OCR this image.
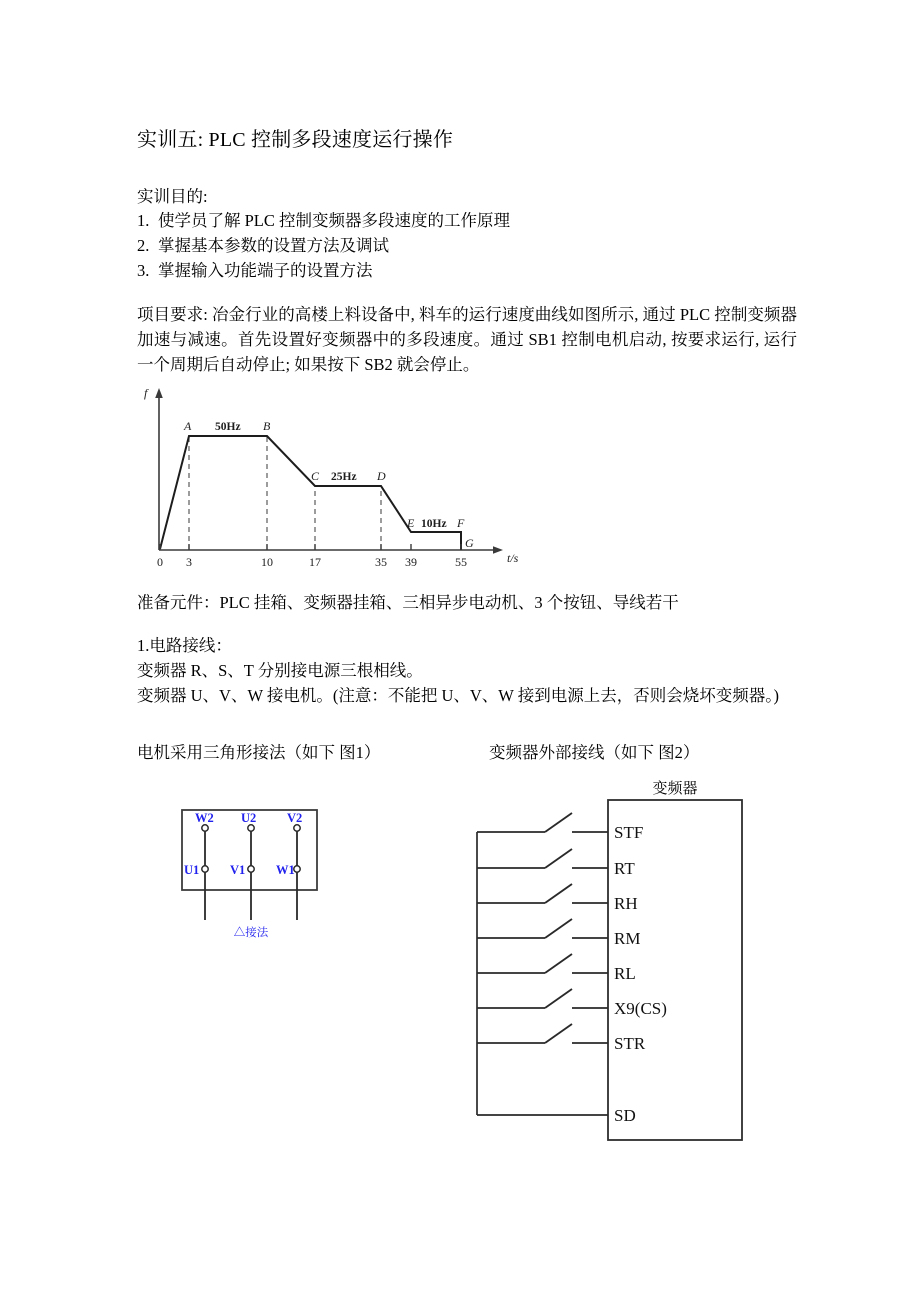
实训五: PLC 控制多段速度运行操作
实训目的:
1. 使学员了解 PLC 控制变频器多段速度的工作原理
2. 掌握基本参数的设置方法及调试
3. 掌握输入功能端子的设置方法
项目要求: 冶金行业的高楼上料设备中, 料车的运行速度曲线如图所示, 通过 PLC 控制变频器加速与减速。首先设置好变频器中的多段速度。通过 SB1 控制电机启动, 按要求运行, 运行一个周期后自动停止; 如果按下 SB2 就会停止。
f
t/s
A	B
C	D
E	F
G
50Hz
25Hz
10Hz
0 3	10	17	35 39	55
准备元件：PLC 挂箱、变频器挂箱、三相异步电动机、3 个按钮、导线若干
1.电路接线：
变频器 R、S、T 分别接电源三根相线。
变频器 U、V、W 接电机。(注意：不能把 U、V、W 接到电源上去，否则会烧坏变频器。)
电机采用三角形接法（如下 图1）	变频器外部接线（如下 图2）
W2 U2 V2
U1 V1 W1
△接法
变频器
STF
RT
RH
RM
RL
X9(CS)
STR
SD
